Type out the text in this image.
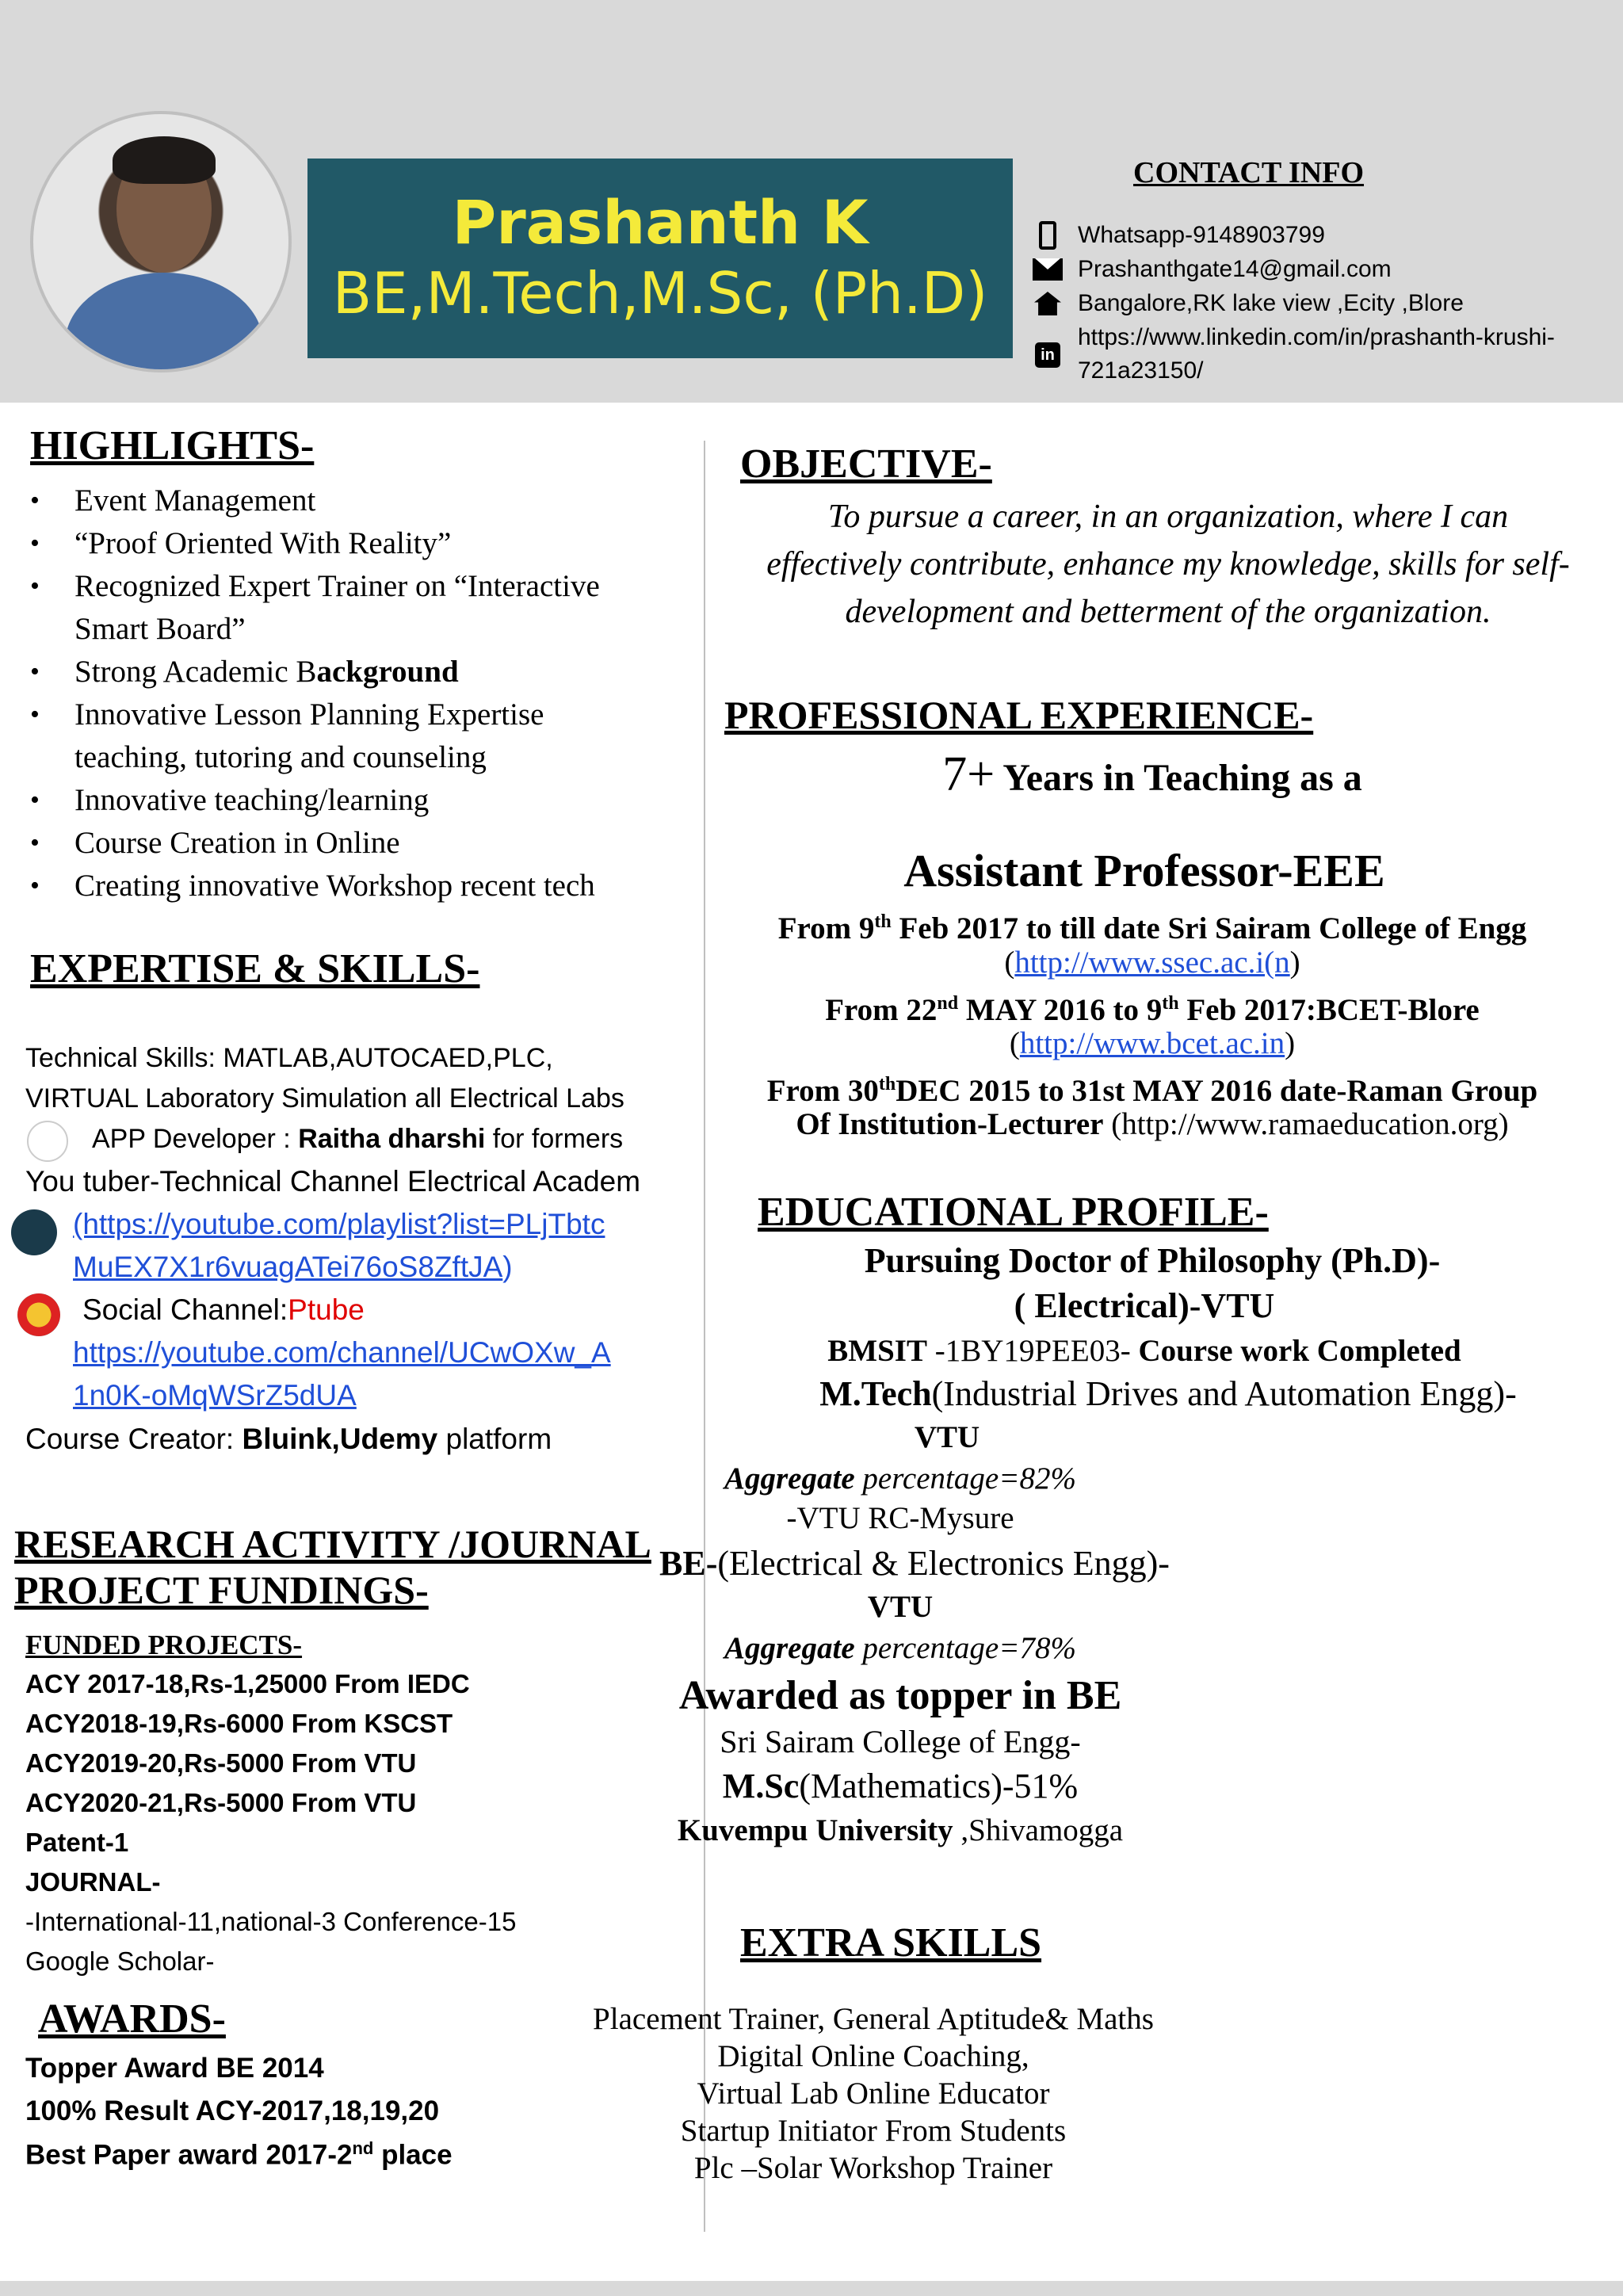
Prashanth K
BE,M.Tech,M.Sc, (Ph.D)
CONTACT INFO
Whatsapp-9148903799
Prashanthgate14@gmail.com
Bangalore,RK lake view ,Ecity ,Blore
in
https://www.linkedin.com/in/prashanth-krushi-
721a23150/
HIGHLIGHTS-
• Event Management
• “Proof Oriented With Reality”
• Recognized Expert Trainer on “Interactive
Smart Board”
• Strong Academic Background
• Innovative Lesson Planning Expertise
teaching, tutoring and counseling
• Innovative teaching/learning
• Course Creation in Online
• Creating innovative Workshop recent tech
EXPERTISE & SKILLS-
Technical Skills: MATLAB,AUTOCAED,PLC,
VIRTUAL Laboratory Simulation all Electrical Labs
APP Developer : Raitha dharshi for formers
You tuber-Technical Channel Electrical Academ
(https://youtube.com/playlist?list=PLjTbtc
MuEX7X1r6vuagATei76oS8ZftJA)
Social Channel:Ptube
https://youtube.com/channel/UCwOXw_A
1n0K-oMqWSrZ5dUA
Course Creator: Bluink,Udemy platform
RESEARCH ACTIVITY /JOURNAL
PROJECT FUNDINGS-
FUNDED PROJECTS-
ACY 2017-18,Rs-1,25000 From IEDC
ACY2018-19,Rs-6000 From KSCST
ACY2019-20,Rs-5000 From VTU
ACY2020-21,Rs-5000 From VTU
Patent-1
JOURNAL-
-International-11,national-3 Conference-15
Google Scholar-
AWARDS-
Topper Award BE 2014
100% Result ACY-2017,18,19,20
Best Paper award 2017-2nd place
OBJECTIVE-
To pursue a career, in an organization, where I can
effectively contribute, enhance my knowledge, skills for self-
development and betterment of the organization.
PROFESSIONAL EXPERIENCE-
7+ Years in Teaching as a
Assistant Professor-EEE
From 9th Feb 2017 to till date Sri Sairam College of Engg
(http://www.ssec.ac.i(n)
From 22nd MAY 2016 to 9th Feb 2017:BCET-Blore
(http://www.bcet.ac.in)
From 30thDEC 2015 to 31st MAY 2016 date-Raman Group
Of Institution-Lecturer (http://www.ramaeducation.org)
EDUCATIONAL PROFILE-
Pursuing Doctor of Philosophy (Ph.D)-
( Electrical)-VTU
BMSIT -1BY19PEE03- Course work Completed
M.Tech(Industrial Drives and Automation Engg)-
VTU
Aggregate percentage=82%
-VTU RC-Mysure
BE-(Electrical & Electronics Engg)-
VTU
Aggregate percentage=78%
Awarded as topper in BE
Sri Sairam College of Engg-
M.Sc(Mathematics)-51%
Kuvempu University ,Shivamogga
EXTRA SKILLS
Placement Trainer, General Aptitude& Maths
Digital Online Coaching,
Virtual Lab Online Educator
Startup Initiator From Students
Plc –Solar Workshop Trainer
